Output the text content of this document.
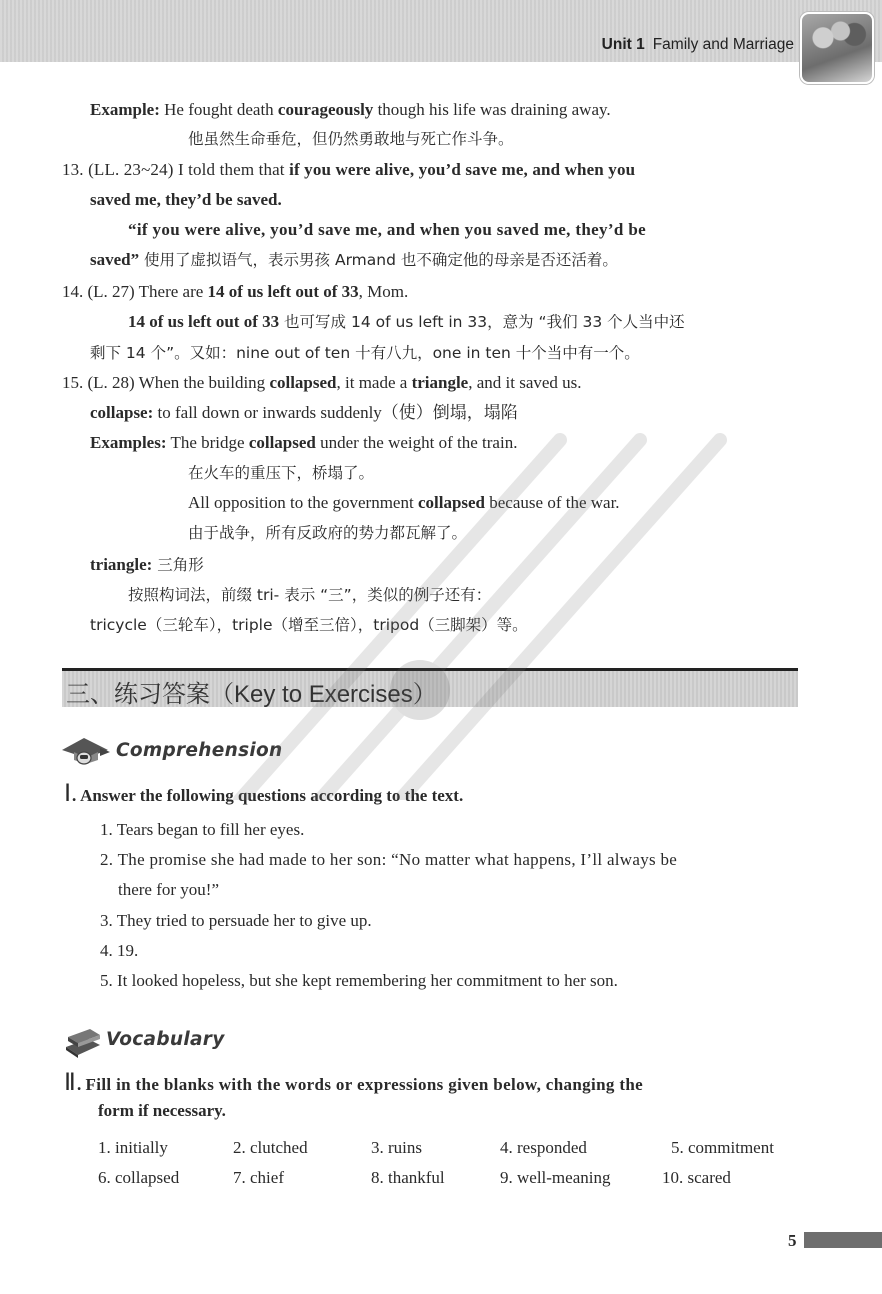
Unit 1 Family and Marriage
Example: He fought death courageously though his life was draining away.
他虽然生命垂危，但仍然勇敢地与死亡作斗争。
13. (LL. 23~24) I told them that if you were alive, you’d save me, and when you
saved me, they’d be saved.
“if you were alive, you’d save me, and when you saved me, they’d be
saved” 使用了虚拟语气，表示男孩 Armand 也不确定他的母亲是否还活着。
14. (L. 27) There are 14 of us left out of 33, Mom.
14 of us left out of 33 也可写成 14 of us left in 33，意为 “我们 33 个人当中还
剩下 14 个”。又如：nine out of ten 十有八九，one in ten 十个当中有一个。
15. (L. 28) When the building collapsed, it made a triangle, and it saved us.
collapse: to fall down or inwards suddenly（使）倒塌，塌陷
Examples: The bridge collapsed under the weight of the train.
在火车的重压下，桥塌了。
All opposition to the government collapsed because of the war.
由于战争，所有反政府的势力都瓦解了。
triangle: 三角形
按照构词法，前缀 tri- 表示 “三”，类似的例子还有：
tricycle（三轮车），triple（增至三倍），tripod（三脚架）等。
三、练习答案（Key to Exercises）
Comprehension
Ⅰ. Answer the following questions according to the text.
1. Tears began to fill her eyes.
2. The promise she had made to her son: “No matter what happens, I’ll always be
there for you!”
3. They tried to persuade her to give up.
4. 19.
5. It looked hopeless, but she kept remembering her commitment to her son.
Vocabulary
Ⅱ. Fill in the blanks with the words or expressions given below, changing the
form if necessary.
1. initially	2. clutched	3. ruins	4. responded	5. commitment
6. collapsed	7. chief	8. thankful	9. well-meaning	10. scared
5
